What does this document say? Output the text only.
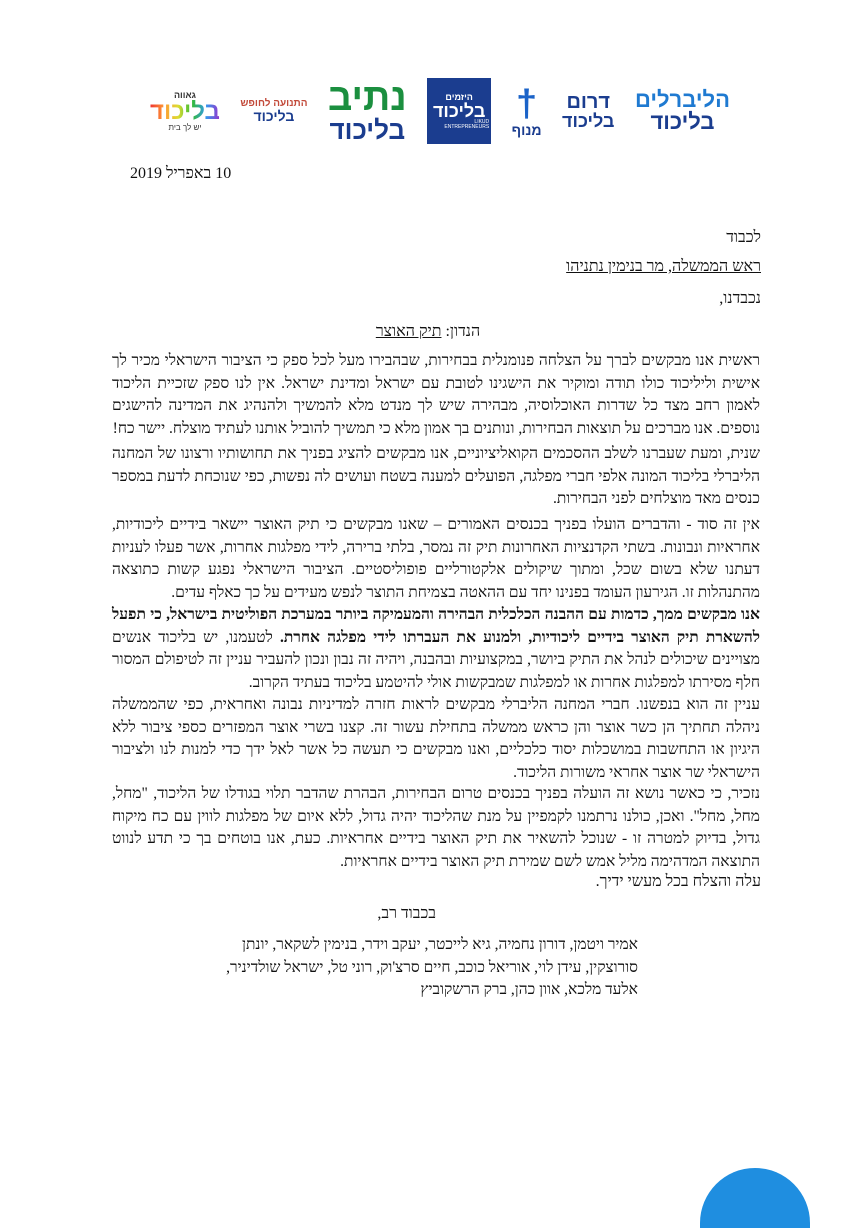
הליברלים
בליכוד
דרום
בליכוד
†
מנוף
היזמים
בליכוד
LIKUD ENTREPRENEURS
נתיב
בליכוד
התנועה לחופש
בליכוד
גאווה
בליכוד
יש לך בית
10 באפריל 2019
לכבוד
ראש הממשלה, מר בנימין נתניהו
נכבדנו,
הנדון: תיק האוצר

ראשית אנו מבקשים לברך על הצלחה פנומנלית בבחירות, שבהבירו מעל לכל ספק כי הציבור הישראלי מכיר לך אישית וליליכוד כולו תודה ומוקיר את הישגינו לטובת עם ישראל ומדינת ישראל. אין לנו ספק שזכיית הליכוד לאמון רחב מצד כל שדרות האוכלוסיה, מבהירה שיש לך מנדט מלא להמשיך ולהנהיג את המדינה להישגים נוספים. אנו מברכים על תוצאות הבחירות, ונותנים בך אמון מלא כי תמשיך להוביל אותנו לעתיד מוצלח. יישר כח!

שנית, ומעת שעברנו לשלב ההסכמים הקואליציוניים, אנו מבקשים להציג בפניך את תחושותיו ורצונו של המחנה הליברלי בליכוד המונה אלפי חברי מפלגה, הפועלים למענה בשטח ועושים לה נפשות, כפי שנוכחת לדעת במספר כנסים מאד מוצלחים לפני הבחירות.

אין זה סוד - והדברים הועלו בפניך בכנסים האמורים – שאנו מבקשים כי תיק האוצר יישאר בידיים ליכודיות, אחראיות ונבונות. בשתי הקדנציות האחרונות תיק זה נמסר, בלתי ברירה, לידי מפלגות אחרות, אשר פעלו לעניות דעתנו שלא בשום שכל, ומתוך שיקולים אלקטורליים פופוליסטיים. הציבור הישראלי נפגע קשות כתוצאה מהתנהלות זו. הגירעון העומד בפנינו יחד עם ההאטה בצמיחת התוצר לנפש מעידים על כך כאלף עדים.

אנו מבקשים ממך, כדמות עם ההבנה הכלכלית הבהירה והמעמיקה ביותר במערכת הפוליטית בישראל, כי תפעל להשארת תיק האוצר בידיים ליכודיות, ולמנוע את העברתו לידי מפלגה אחרת. לטעמנו, יש בליכוד אנשים מצויינים שיכולים לנהל את התיק ביושר, במקצועיות ובהבנה, ויהיה זה נבון ונכון להעביר עניין זה לטיפולם המסור חלף מסירתו למפלגות אחרות או למפלגות שמבקשות אולי להיטמע בליכוד בעתיד הקרוב.

עניין זה הוא בנפשנו. חברי המחנה הליברלי מבקשים לראות חזרה למדיניות נבונה ואחראית, כפי שהממשלה ניהלה תחתיך הן כשר אוצר והן כראש ממשלה בתחילת עשור זה. קצנו בשרי אוצר המפזרים כספי ציבור ללא היגיון או התחשבות במושכלות יסוד כלכליים, ואנו מבקשים כי תעשה כל אשר לאל ידך כדי למנות לנו ולציבור הישראלי שר אוצר אחראי משורות הליכוד.

נזכיר, כי כאשר נושא זה הועלה בפניך בכנסים טרום הבחירות, הבהרת שהדבר תלוי בגודלו של הליכוד, "מחל, מחל, מחל". ואכן, כולנו נרתמנו לקמפיין על מנת שהליכוד יהיה גדול, ללא איום של מפלגות לווין עם כח מיקוח גדול, בדיוק למטרה זו - שנוכל להשאיר את תיק האוצר בידיים אחראיות. כעת, אנו בוטחים בך כי תדע לנווט התוצאה המדהימה מליל אמש לשם שמירת תיק האוצר בידיים אחראיות.

עלה והצלח בכל מעשי ידיך.
בכבוד רב,

אמיר ויטמן, דורון נחמיה, גיא לייכטר, יעקב וידר, בנימין לשקאר, יונתן סורוצקין, עידן לוי, אוריאל כוכב, חיים סרצ'וק, רוני טל, ישראל שולדיניר, אלעד מלכא, אוון כהן, ברק הרשקוביץ
